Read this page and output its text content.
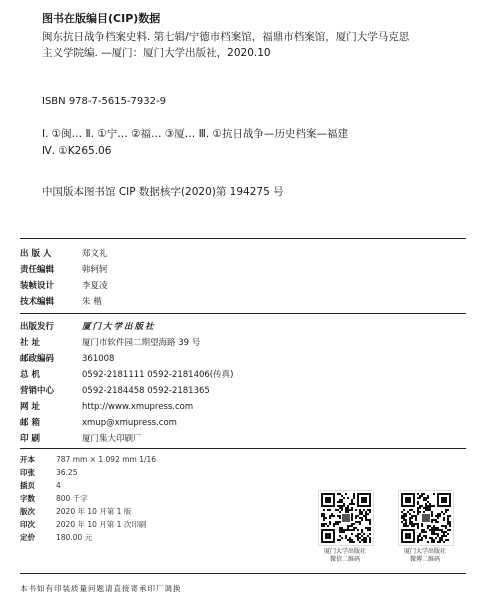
图书在版编目(CIP)数据
闽东抗日战争档案史料. 第七辑/宁德市档案馆，福鼎市档案馆，厦门大学马克思
主义学院编. —厦门：厦门大学出版社，2020.10
ISBN 978-7-5615-7932-9
Ⅰ. ①闽… Ⅱ. ①宁… ②福… ③厦… Ⅲ. ①抗日战争—历史档案—福建
Ⅳ. ①K265.06
中国版本图书馆 CIP 数据核字(2020)第 194275 号
出 版 人	郑文礼
责任编辑	韩轲轲
装帧设计	李夏凌
技术编辑	朱 楷
出版发行	厦门大学出版社
社 址	厦门市软件园二期望海路 39 号
邮政编码	361008
总 机	0592-2181111 0592-2181406(传真)
营销中心	0592-2184458 0592-2181365
网 址	http://www.xmupress.com
邮 箱	xmup@xmupress.com
印 刷	厦门集大印刷厂
开本	787 mm × 1 092 mm 1/16
印张	36.25
插页	4
字数	800 千字
版次	2020 年 10 月第 1 版
印次	2020 年 10 月第 1 次印刷
定价	180.00 元
厦门大学出版社
微信二维码
厦门大学出版社
微博二维码
本书如有印装质量问题请直接寄承印厂调换
